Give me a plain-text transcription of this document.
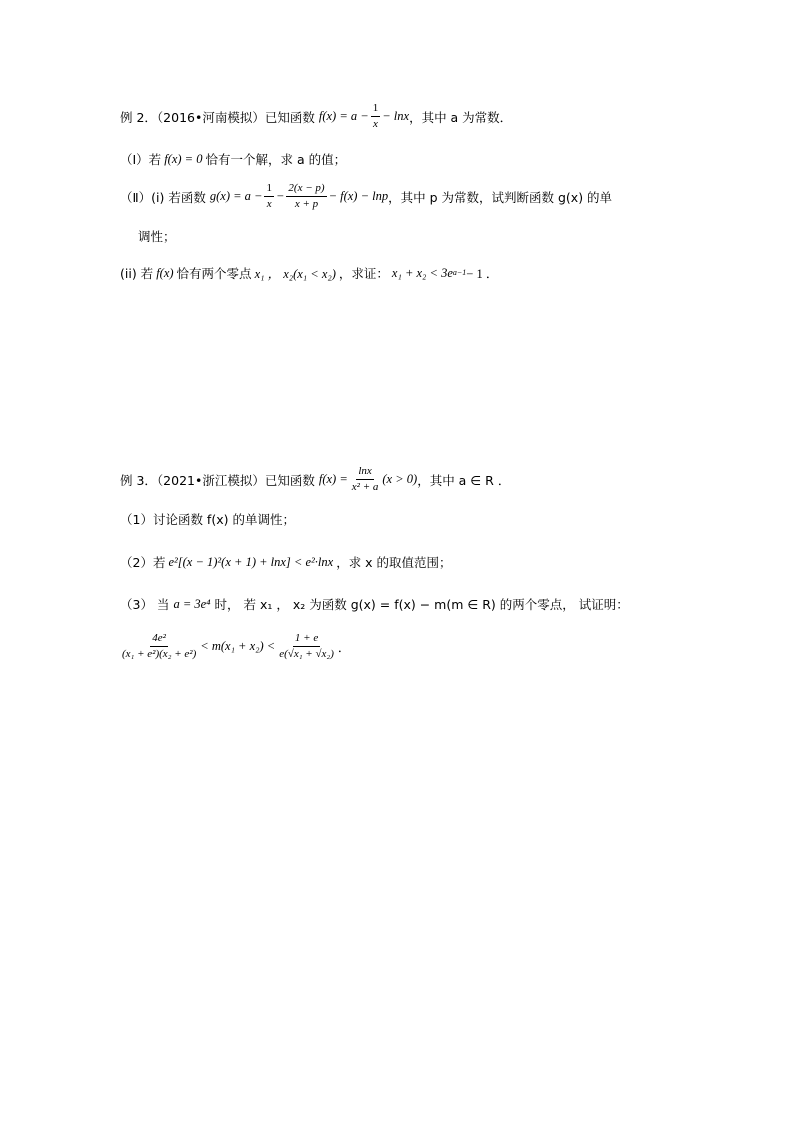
例 2．（2016•河南模拟）已知函数 $f(x) = a - \frac{1}{x} - \ln x$ ，其中 a 为常数．
（Ⅰ）若 f(x) = 0 恰有一个解，求 a 的值；
（Ⅱ）(i) 若函数 $g(x) = a - \frac{1}{x} - \frac{2(x - p)}{x + p} - f(x) - \ln p$ ，其中 p 为常数，试判断函数 g(x) 的单
调性；
(ii) 若 f(x) 恰有两个零点 x₁ ， x₂(x₁ < x₂) ，求证： x₁ + x₂ < 3e a−1 − 1 ．
例 3．（2021•浙江模拟）已知函数 $f(x) = \frac{\ln x}{\text{x² + a}} (x > 0)$ ，其中 a ∈ R ．
（1）讨论函数 f(x) 的单调性；
（2）若 e²[(x − 1)²(x + 1) + lnx] < e²·lnx ，求 x 的取值范围；
（3） 当 a = 3e⁴ 时， 若 x₁ ， x₂ 为函数 g(x) = f(x) − m(m ∈ R) 的两个零点， 试证明：
$\frac{\text{4e²}}{\text{(x₁ + e²)(x₂ + e²)}} < m(x_1 + x_2) < \frac{1 + e}{\text{e(√x₁ + √x₂)}}$ ．
